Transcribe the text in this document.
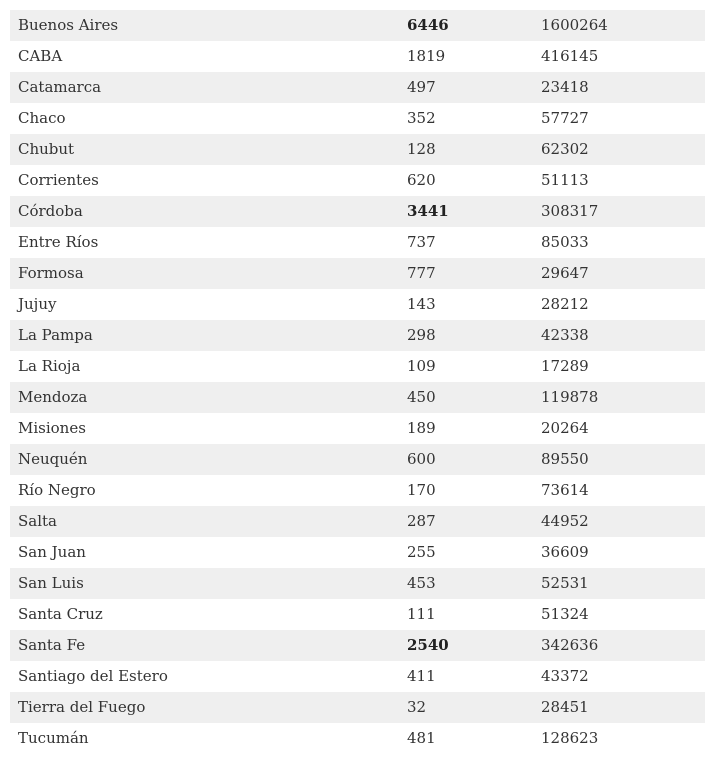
Buenos Aires	6446	1600264
CABA	1819	416145
Catamarca	497	23418
Chaco	352	57727
Chubut	128	62302
Corrientes	620	51113
Córdoba	3441	308317
Entre Ríos	737	85033
Formosa	777	29647
Jujuy	143	28212
La Pampa	298	42338
La Rioja	109	17289
Mendoza	450	119878
Misiones	189	20264
Neuquén	600	89550
Río Negro	170	73614
Salta	287	44952
San Juan	255	36609
San Luis	453	52531
Santa Cruz	111	51324
Santa Fe	2540	342636
Santiago del Estero	411	43372
Tierra del Fuego	32	28451
Tucumán	481	128623
